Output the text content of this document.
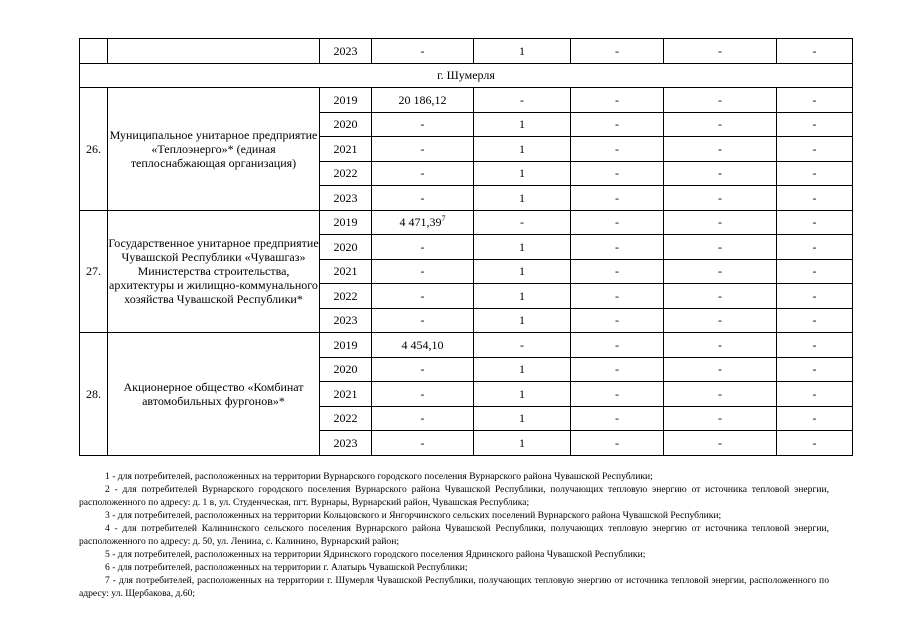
		2023	-	1	-	-	-
г. Шумерля							
26.	Муниципальное унитарное предприятие «Теплоэнерго»* (единая теплоснабжающая организация)	2019	20 186,12	-	-	-	-
		2020	-	1	-	-	-
		2021	-	1	-	-	-
		2022	-	1	-	-	-
		2023	-	1	-	-	-
27.	Государственное унитарное предприятие Чувашской Республики «Чувашгаз» Министерства строительства, архитектуры и жилищно-коммунального хозяйства Чувашской Республики*	2019	4 471,39$^7$	-	-	-	-
		2020	-	1	-	-	-
		2021	-	1	-	-	-
		2022	-	1	-	-	-
		2023	-	1	-	-	-
28.	Акционерное общество «Комбинат автомобильных фургонов»*	2019	4 454,10	-	-	-	-
		2020	-	1	-	-	-
		2021	-	1	-	-	-
		2022	-	1	-	-	-
		2023	-	1	-	-	-

1 - для потребителей, расположенных на территории Вурнарского городского поселения Вурнарского района Чувашской Республики;

2 - для потребителей Вурнарского городского поселения Вурнарского района Чувашской Республики, получающих тепловую энергию от источника тепловой энергии, расположенного по адресу: д. 1 в, ул. Студенческая, пгт. Вурнары, Вурнарский район, Чувашская Республика;

3 - для потребителей, расположенных на территории Кольцовского и Янгорчинского сельских поселений Вурнарского района Чувашской Республики;

4 - для потребителей Калининского сельского поселения Вурнарского района Чувашской Республики, получающих тепловую энергию от источника тепловой энергии, расположенного по адресу: д. 50, ул. Ленина, с. Калинино, Вурнарский район;

5 - для потребителей, расположенных на территории Ядринского городского поселения Ядринского района Чувашской Республики;

6 - для потребителей, расположенных на территории г. Алатырь Чувашской Республики;

7 - для потребителей, расположенных на территории г. Шумерля Чувашской Республики, получающих тепловую энергию от источника тепловой энергии, расположенного по адресу: ул. Щербакова, д.60;
